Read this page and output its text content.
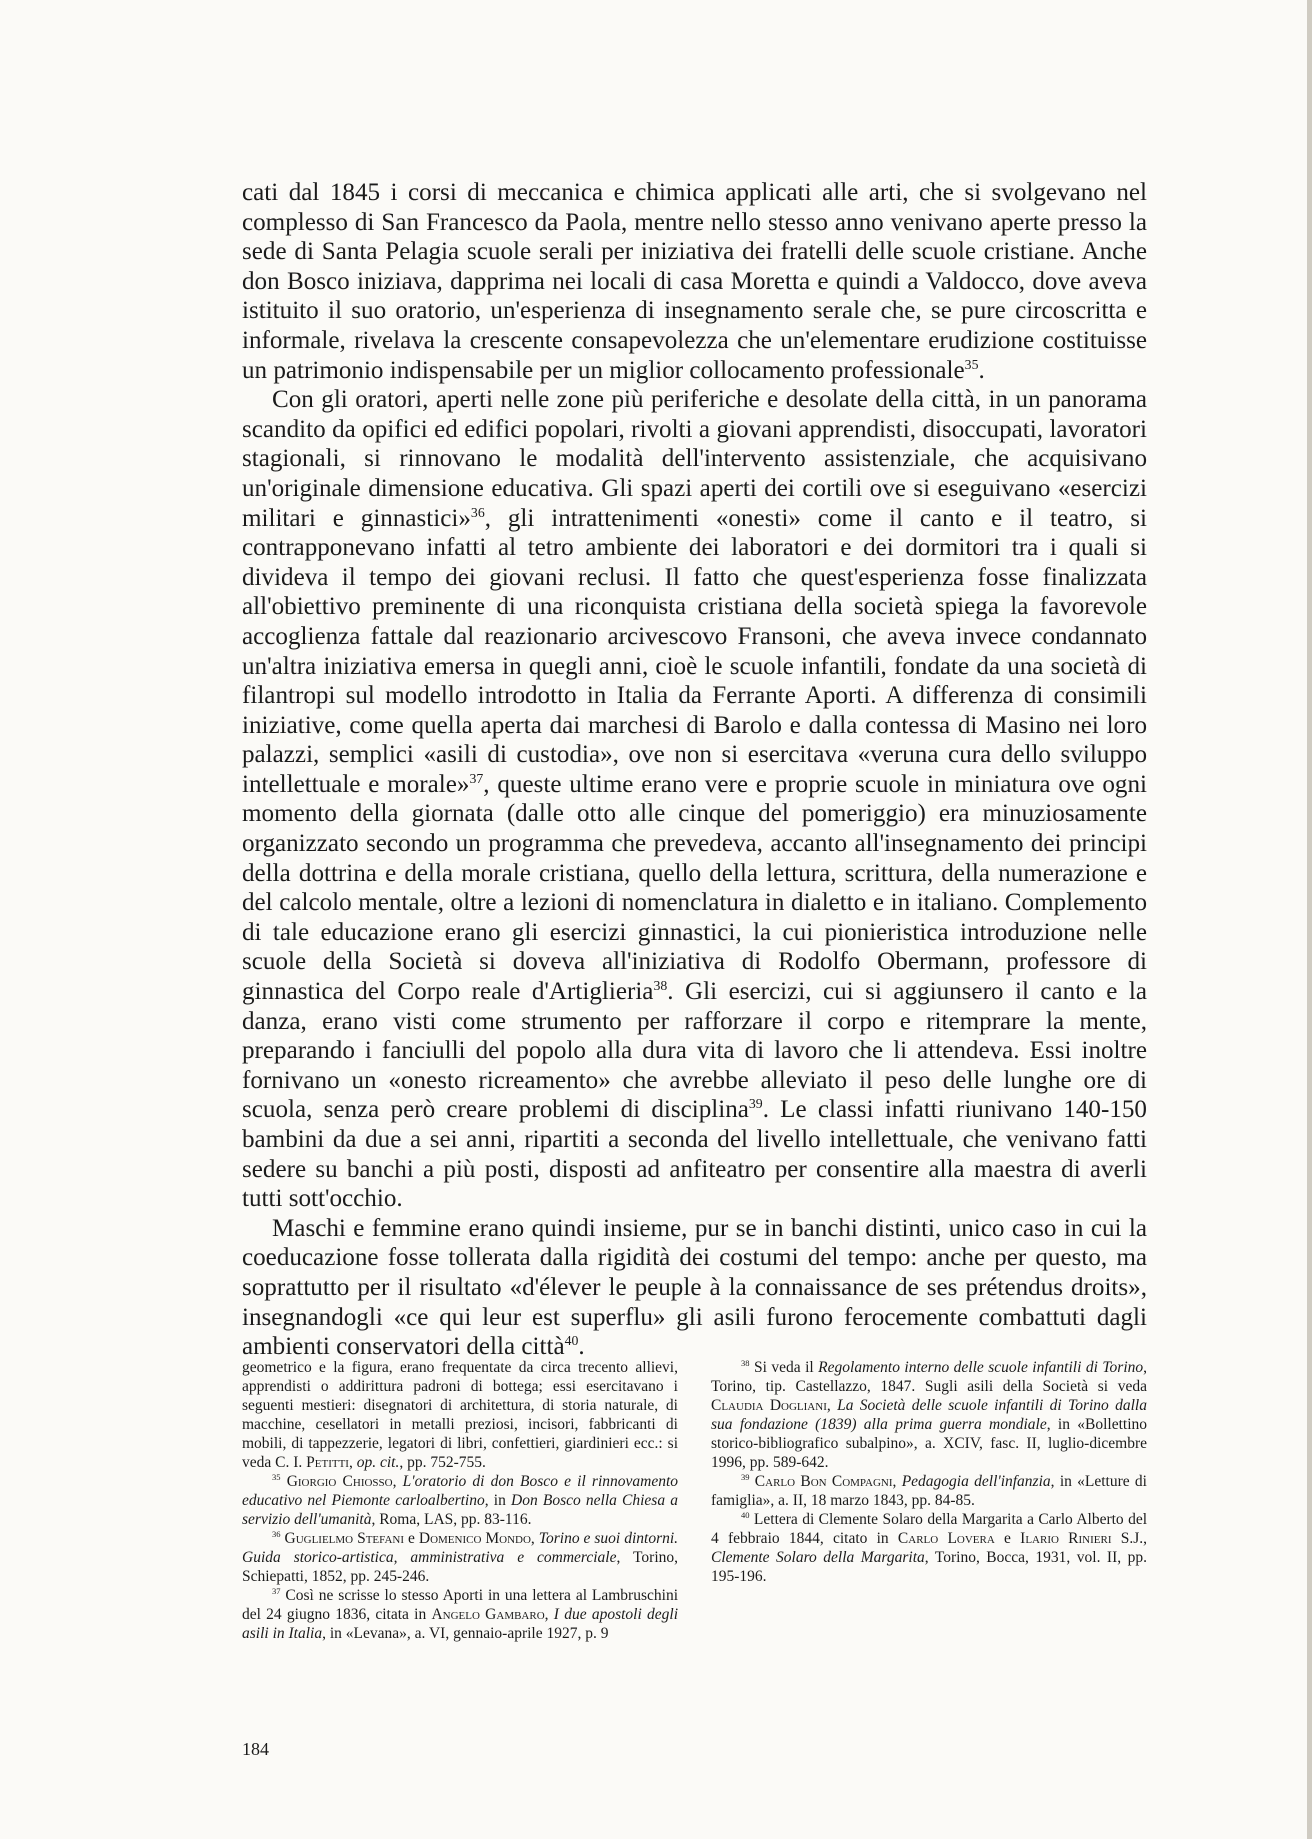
cati dal 1845 i corsi di meccanica e chimica applicati alle arti, che si svolgevano nel complesso di San Francesco da Paola, mentre nello stesso anno venivano aperte presso la sede di Santa Pelagia scuole serali per iniziativa dei fratelli delle scuole cristiane. Anche don Bosco iniziava, dapprima nei locali di casa Moretta e quindi a Valdocco, dove aveva istituito il suo oratorio, un'esperienza di insegnamento serale che, se pure circoscritta e informale, rivelava la crescente consapevolezza che un'elementare erudizione costituisse un patrimonio indispensabile per un miglior collocamento professionale$^{35}$.

Con gli oratori, aperti nelle zone più periferiche e desolate della città, in un panorama scandito da opifici ed edifici popolari, rivolti a giovani apprendisti, disoccupati, lavoratori stagionali, si rinnovano le modalità dell'intervento assistenziale, che acquisivano un'originale dimensione educativa. Gli spazi aperti dei cortili ove si eseguivano «esercizi militari e ginnastici»$^{36}$, gli intrattenimenti «onesti» come il canto e il teatro, si contrapponevano infatti al tetro ambiente dei laboratori e dei dormitori tra i quali si divideva il tempo dei giovani reclusi. Il fatto che quest'esperienza fosse finalizzata all'obiettivo preminente di una riconquista cristiana della società spiega la favorevole accoglienza fattale dal reazionario arcivescovo Fransoni, che aveva invece condannato un'altra iniziativa emersa in quegli anni, cioè le scuole infantili, fondate da una società di filantropi sul modello introdotto in Italia da Ferrante Aporti. A differenza di consimili iniziative, come quella aperta dai marchesi di Barolo e dalla contessa di Masino nei loro palazzi, semplici «asili di custodia», ove non si esercitava «veruna cura dello sviluppo intellettuale e morale»$^{37}$, queste ultime erano vere e proprie scuole in miniatura ove ogni momento della giornata (dalle otto alle cinque del pomeriggio) era minuziosamente organizzato secondo un programma che prevedeva, accanto all'insegnamento dei principi della dottrina e della morale cristiana, quello della lettura, scrittura, della numerazione e del calcolo mentale, oltre a lezioni di nomenclatura in dialetto e in italiano. Complemento di tale educazione erano gli esercizi ginnastici, la cui pionieristica introduzione nelle scuole della Società si doveva all'iniziativa di Rodolfo Obermann, professore di ginnastica del Corpo reale d'Artiglieria$^{38}$. Gli esercizi, cui si aggiunsero il canto e la danza, erano visti come strumento per rafforzare il corpo e ritemprare la mente, preparando i fanciulli del popolo alla dura vita di lavoro che li attendeva. Essi inoltre fornivano un «onesto ricreamento» che avrebbe alleviato il peso delle lunghe ore di scuola, senza però creare problemi di disciplina$^{39}$. Le classi infatti riunivano 140-150 bambini da due a sei anni, ripartiti a seconda del livello intellettuale, che venivano fatti sedere su banchi a più posti, disposti ad anfiteatro per consentire alla maestra di averli tutti sott'occhio.

Maschi e femmine erano quindi insieme, pur se in banchi distinti, unico caso in cui la coeducazione fosse tollerata dalla rigidità dei costumi del tempo: anche per questo, ma soprattutto per il risultato «d'élever le peuple à la connaissance de ses prétendus droits», insegnandogli «ce qui leur est superflu» gli asili furono ferocemente combattuti dagli ambienti conservatori della città$^{40}$.

geometrico e la figura, erano frequentate da circa trecento allievi, apprendisti o addirittura padroni di bottega; essi esercitavano i seguenti mestieri: disegnatori di architettura, di storia naturale, di macchine, cesellatori in metalli preziosi, incisori, fabbricanti di mobili, di tappezzerie, legatori di libri, confettieri, giardinieri ecc.: si veda C. I. Petitti, op. cit., pp. 752-755.

$^{35}$ Giorgio Chiosso, L'oratorio di don Bosco e il rinnovamento educativo nel Piemonte carloalbertino, in Don Bosco nella Chiesa a servizio dell'umanità, Roma, LAS, pp. 83-116.

$^{36}$ Guglielmo Stefani e Domenico Mondo, Torino e suoi dintorni. Guida storico-artistica, amministrativa e commerciale, Torino, Schiepatti, 1852, pp. 245-246.

$^{37}$ Così ne scrisse lo stesso Aporti in una lettera al Lambruschini del 24 giugno 1836, citata in Angelo Gambaro, I due apostoli degli asili in Italia, in «Levana», a. VI, gennaio-aprile 1927, p. 9

$^{38}$ Si veda il Regolamento interno delle scuole infantili di Torino, Torino, tip. Castellazzo, 1847. Sugli asili della Società si veda Claudia Dogliani, La Società delle scuole infantili di Torino dalla sua fondazione (1839) alla prima guerra mondiale, in «Bollettino storico-bibliografico subalpino», a. XCIV, fasc. II, luglio-dicembre 1996, pp. 589-642.

$^{39}$ Carlo Bon Compagni, Pedagogia dell'infanzia, in «Letture di famiglia», a. II, 18 marzo 1843, pp. 84-85.

$^{40}$ Lettera di Clemente Solaro della Margarita a Carlo Alberto del 4 febbraio 1844, citato in Carlo Lovera e Ilario Rinieri S.J., Clemente Solaro della Margarita, Torino, Bocca, 1931, vol. II, pp. 195-196.

184
